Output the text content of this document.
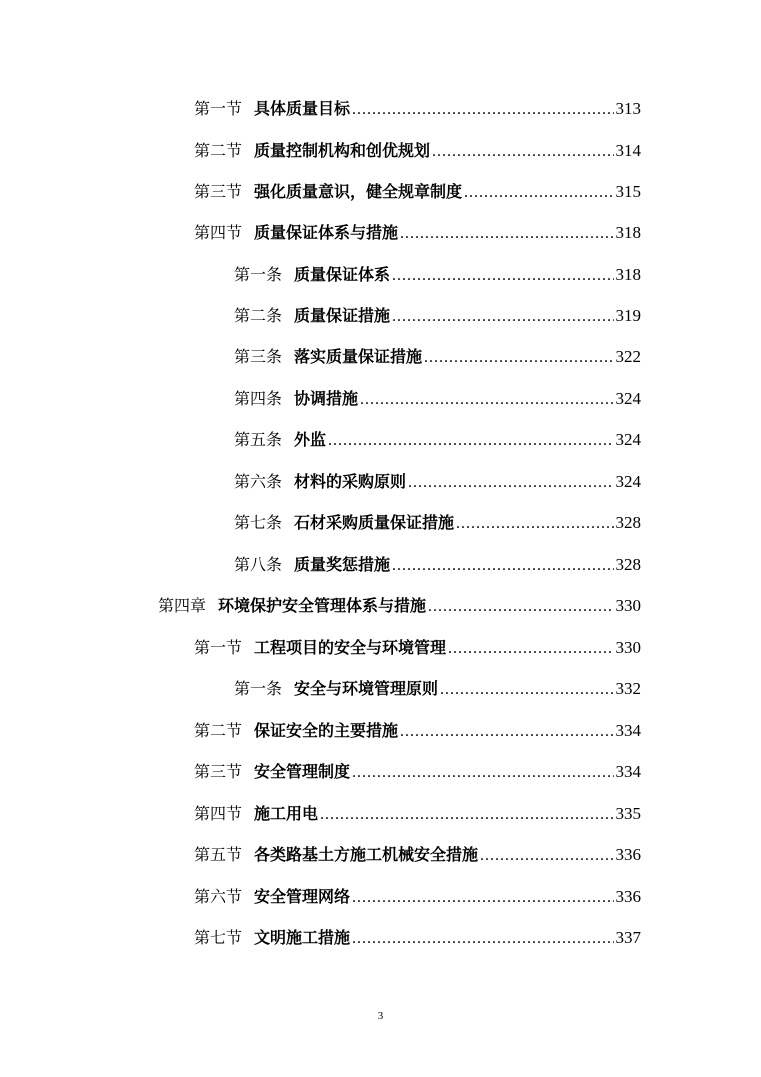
第一节 具体质量目标 .....	313
第二节 质量控制机构和创优规划 .....	314
第三节 强化质量意识，健全规章制度 .....	315
第四节 质量保证体系与措施 .....	318
第一条 质量保证体系 .....	318
第二条 质量保证措施 .....	319
第三条 落实质量保证措施 .....	322
第四条 协调措施 .....	324
第五条 外监 .....	324
第六条 材料的采购原则 .....	324
第七条 石材采购质量保证措施 .....	328
第八条 质量奖惩措施 .....	328
第四章 环境保护安全管理体系与措施 .....	330
第一节 工程项目的安全与环境管理 .....	330
第一条 安全与环境管理原则 .....	332
第二节 保证安全的主要措施 .....	334
第三节 安全管理制度 .....	334
第四节 施工用电 .....	335
第五节 各类路基土方施工机械安全措施 .....	336
第六节 安全管理网络 .....	336
第七节 文明施工措施 .....	337
3
